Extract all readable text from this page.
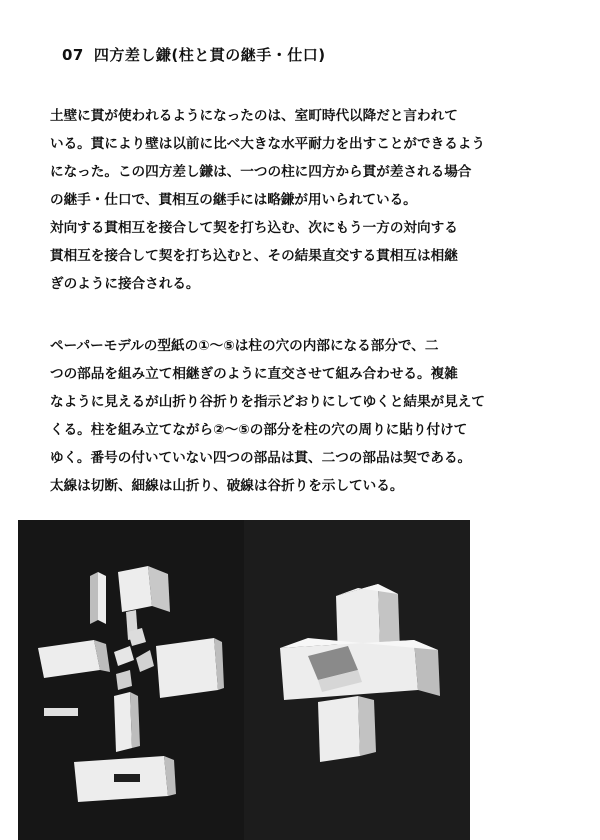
07 四方差し鎌(柱と貫の継手・仕口)
土壁に貫が使われるようになったのは、室町時代以降だと言われて
いる。貫により壁は以前に比べ大きな水平耐力を出すことができるよう
になった。この四方差し鎌は、一つの柱に四方から貫が差される場合
の継手・仕口で、貫相互の継手には略鎌が用いられている。
対向する貫相互を接合して契を打ち込む、次にもう一方の対向する
貫相互を接合して契を打ち込むと、その結果直交する貫相互は相継
ぎのように接合される。
ペーパーモデルの型紙の①～⑤は柱の穴の内部になる部分で、二
つの部品を組み立て相継ぎのように直交させて組み合わせる。複雑
なように見えるが山折り谷折りを指示どおりにしてゆくと結果が見えて
くる。柱を組み立てながら②～⑤の部分を柱の穴の周りに貼り付けて
ゆく。番号の付いていない四つの部品は貫、二つの部品は契である。
太線は切断、細線は山折り、破線は谷折りを示している。
